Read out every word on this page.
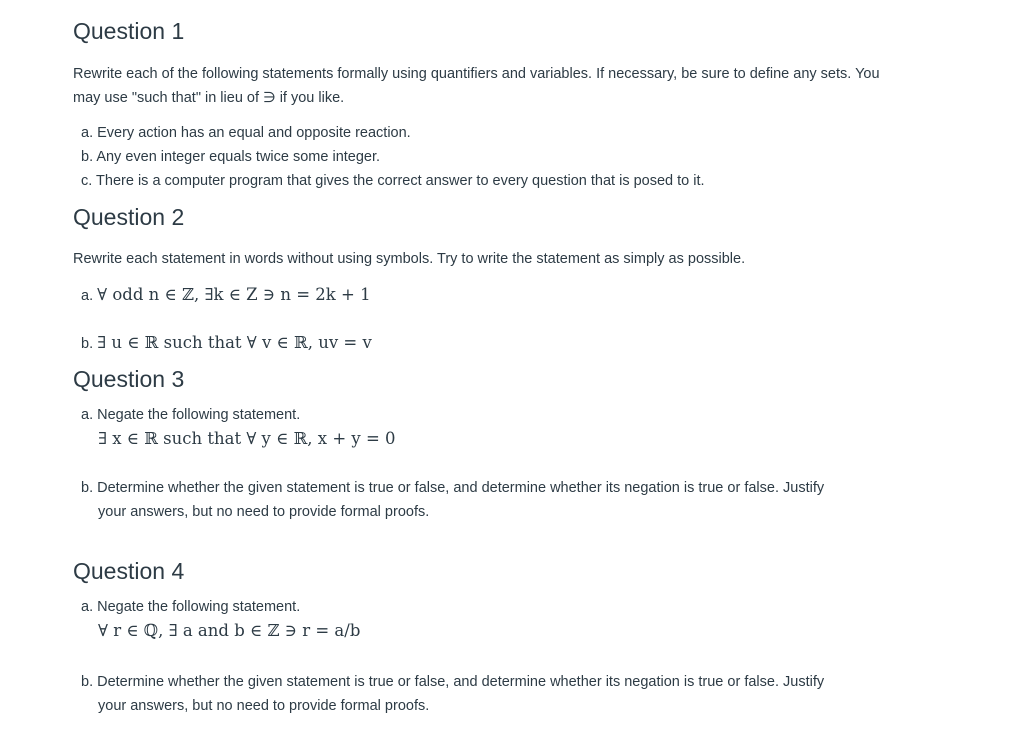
Question 1

Rewrite each of the following statements formally using quantifiers and variables. If necessary, be sure to define any sets. You may use "such that" in lieu of ∋ if you like.

a. Every action has an equal and opposite reaction.
b. Any even integer equals twice some integer.
c. There is a computer program that gives the correct answer to every question that is posed to it.
Question 2

Rewrite each statement in words without using symbols. Try to write the statement as simply as possible.

a. ∀ odd n ∈ ℤ, ∃k ∈ Z ∋ n = 2k + 1
b. ∃ u ∈ ℝ such that ∀ v ∈ ℝ, uv = v
Question 3
a. Negate the following statement.
∃ x ∈ ℝ such that ∀ y ∈ ℝ, x + y = 0
b. Determine whether the given statement is true or false, and determine whether its negation is true or false. Justify
your answers, but no need to provide formal proofs.
Question 4
a. Negate the following statement.
∀ r ∈ ℚ, ∃ a and b ∈ ℤ ∋ r = a/b
b. Determine whether the given statement is true or false, and determine whether its negation is true or false. Justify
your answers, but no need to provide formal proofs.
